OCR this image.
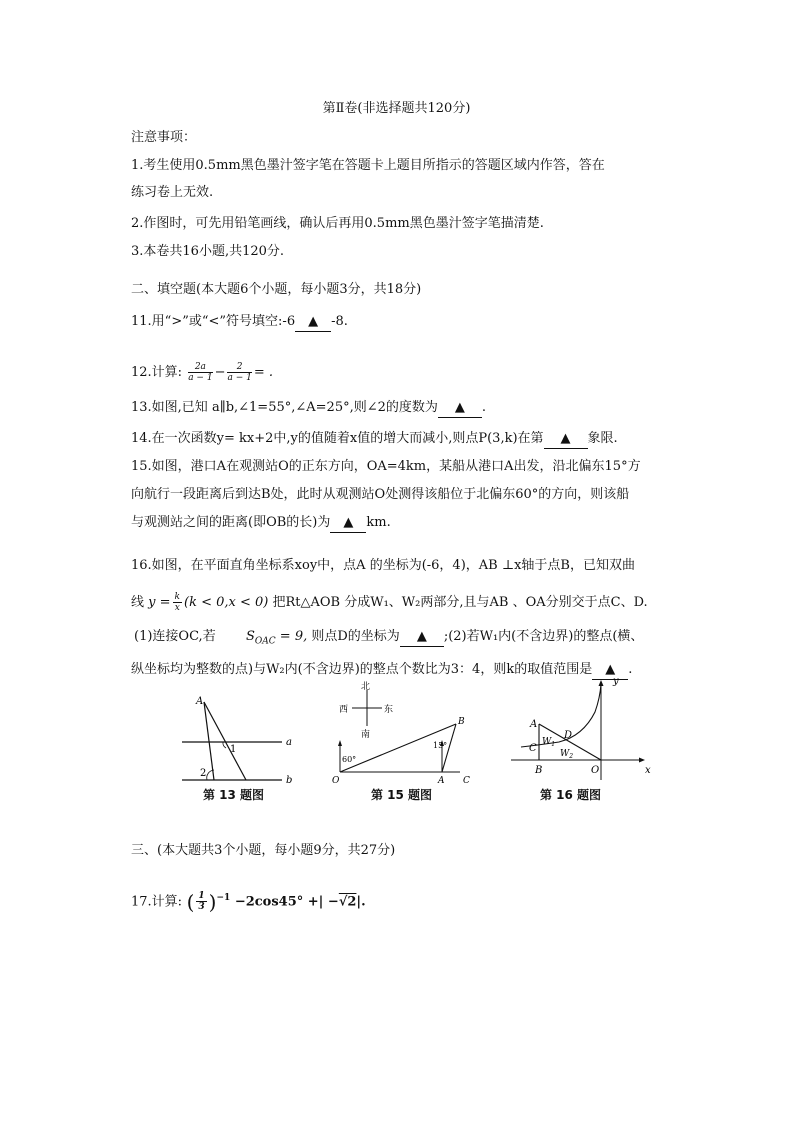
第Ⅱ卷(非选择题共120分)
注意事项：
1.考生使用0.5mm黑色墨汁签字笔在答题卡上题目所指示的答题区域内作答，答在
练习卷上无效.
2.作图时，可先用铅笔画线，确认后再用0.5mm黑色墨汁签字笔描清楚.
3.本卷共16小题,共120分.
二、填空题(本大题6个小题，每小题3分，共18分)
11.用“>”或“<”符号填空:-6 ▲ -8.
12.计算: $\frac{2a}{a - 1} - \frac{2}{a - 1}$ = .
13.如图,已知 a∥b,∠1=55°,∠A=25°,则∠2的度数为 ▲ .
14.在一次函数y= kx+2中,y的值随着x值的增大而减小,则点P(3,k)在第 ▲ 象限.
15.如图，港口A在观测站O的正东方向，OA=4km，某船从港口A出发，沿北偏东15°方
向航行一段距离后到达B处，此时从观测站O处测得该船位于北偏东60°的方向，则该船
与观测站之间的距离(即OB的长)为 ▲ km.
16.如图，在平面直角坐标系xoy中，点A 的坐标为(-6，4)，AB ⊥x轴于点B，已知双曲
线 $y = \frac{k}{x} (k < 0,x < 0)$ 把Rt△AOB 分成W₁、W₂两部分,且与AB 、OA分别交于点C、D.
(1)连接OC,若 $S_{OAC} = 9$, 则点D的坐标为 ▲ ;(2)若W₁内(不含边界)的整点(横、
纵坐标均为整数的点)与W₂内(不含边界)的整点个数比为3：4，则k的取值范围是 ▲ .
A
1
2
a
b
第 13 题图
北
西	东
南
60°
15°
B
O	A C
第 15 题图
y
x
A
B
C
D
O
$W_1$
$W_2$
第 16 题图
三、(本大题共3个小题，每小题9分，共27分)
17.计算: ( $\frac{1}{3} )^{-1} -2\cos 45^\circ$ +| −√2|.
